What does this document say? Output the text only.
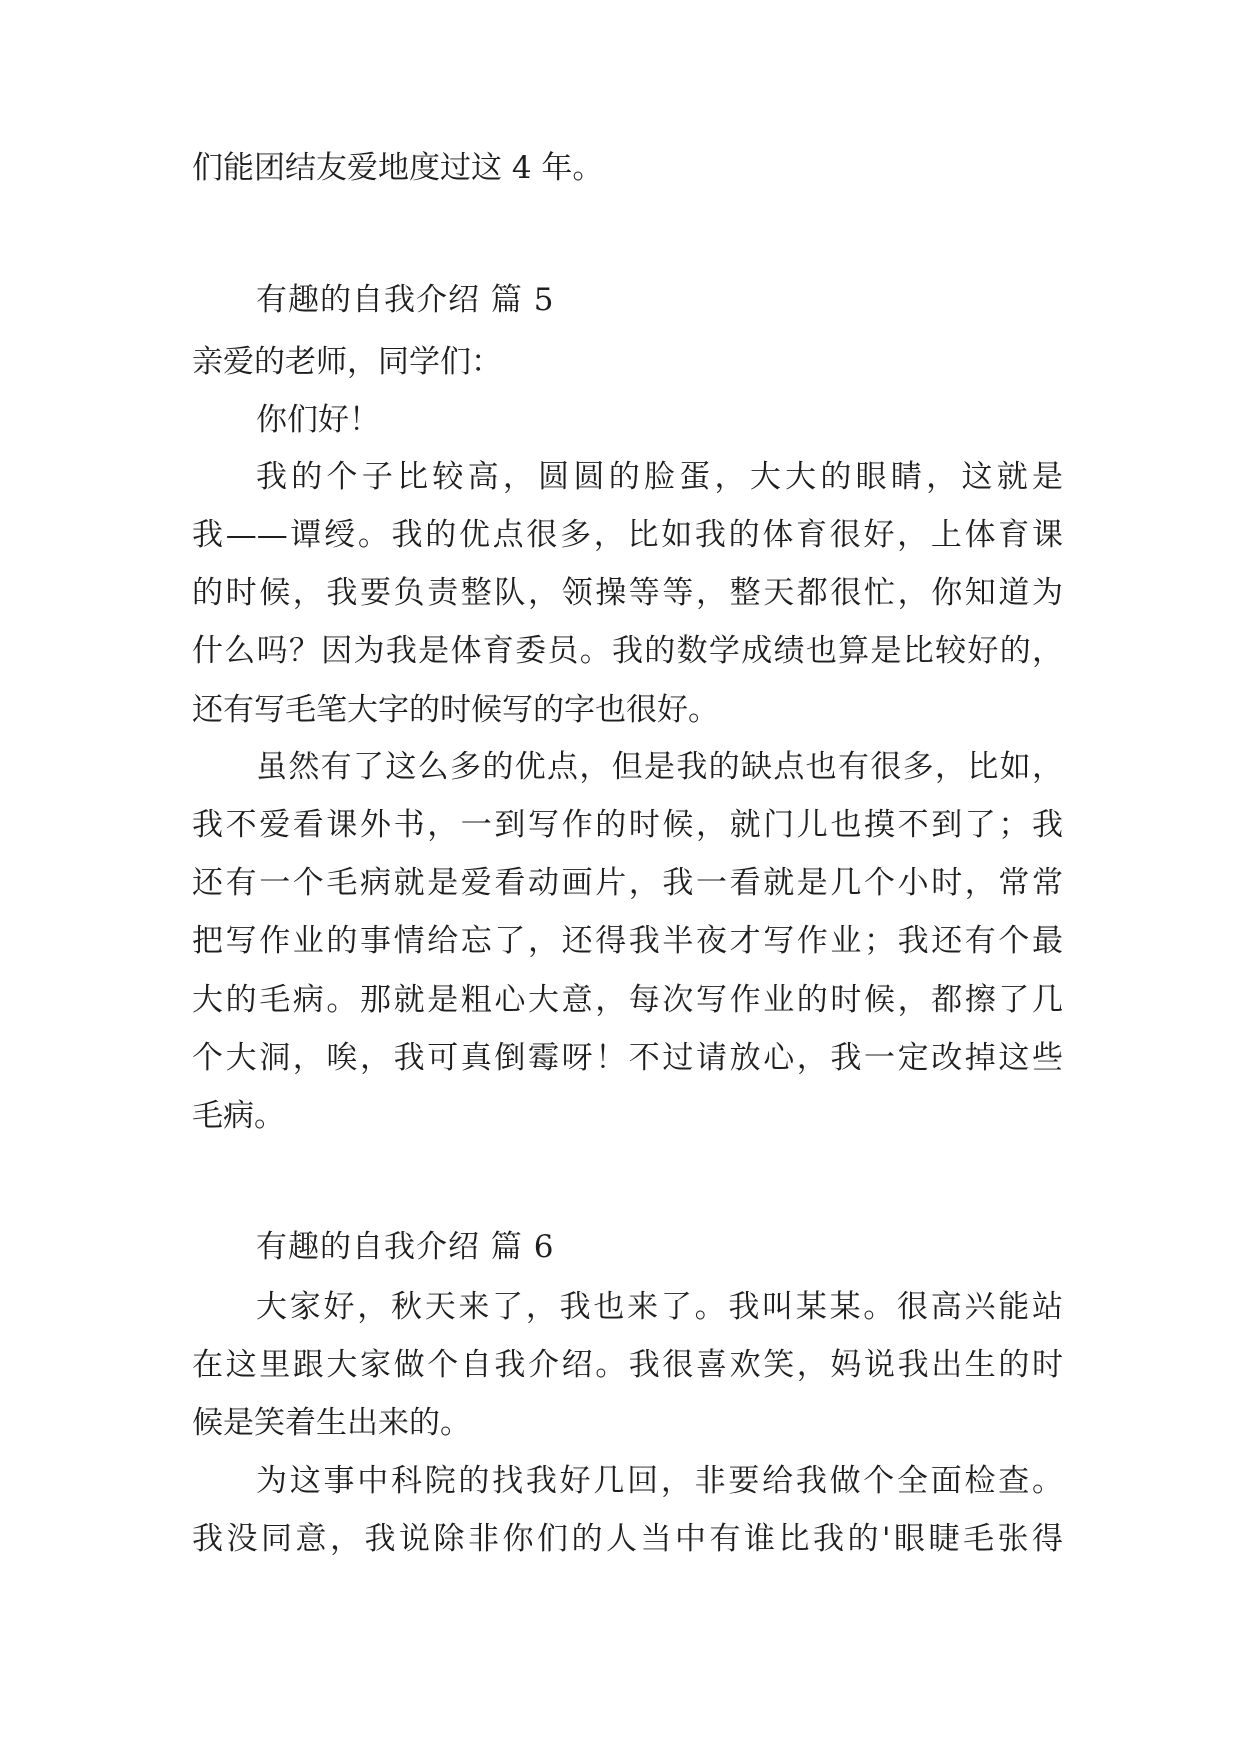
们能团结友爱地度过这 4 年。
有趣的自我介绍 篇 5
亲爱的老师，同学们：
你们好！
我的个子比较高，圆圆的脸蛋，大大的眼睛，这就是
我——谭绶。我的优点很多，比如我的体育很好，上体育课
的时候，我要负责整队，领操等等，整天都很忙，你知道为
什么吗？因为我是体育委员。我的数学成绩也算是比较好的，
还有写毛笔大字的时候写的字也很好。
虽然有了这么多的优点，但是我的缺点也有很多，比如，
我不爱看课外书，一到写作的时候，就门儿也摸不到了；我
还有一个毛病就是爱看动画片，我一看就是几个小时，常常
把写作业的事情给忘了，还得我半夜才写作业；我还有个最
大的毛病。那就是粗心大意，每次写作业的时候，都擦了几
个大洞，唉，我可真倒霉呀！不过请放心，我一定改掉这些
毛病。
有趣的自我介绍 篇 6
大家好，秋天来了，我也来了。我叫某某。很高兴能站
在这里跟大家做个自我介绍。我很喜欢笑，妈说我出生的时
候是笑着生出来的。
为这事中科院的找我好几回，非要给我做个全面检查。
我没同意，我说除非你们的人当中有谁比我的'眼睫毛张得
